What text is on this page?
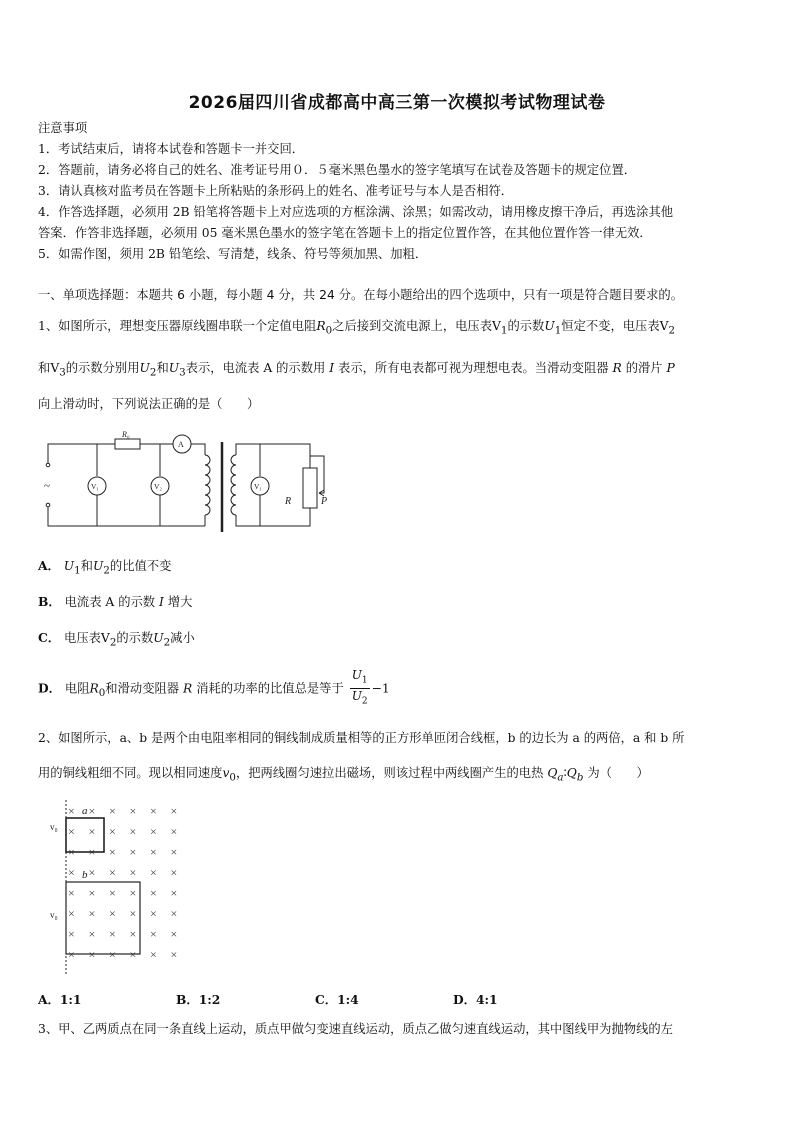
2026届四川省成都高中高三第一次模拟考试物理试卷
注意事项
1．考试结束后，请将本试卷和答题卡一并交回．
2．答题前，请务必将自己的姓名、准考证号用０．５毫米黑色墨水的签字笔填写在试卷及答题卡的规定位置．
3．请认真核对监考员在答题卡上所粘贴的条形码上的姓名、准考证号与本人是否相符．
4．作答选择题，必须用 2B 铅笔将答题卡上对应选项的方框涂满、涂黑；如需改动，请用橡皮擦干净后，再选涂其他
答案．作答非选择题，必须用 05 毫米黑色墨水的签字笔在答题卡上的指定位置作答，在其他位置作答一律无效．
5．如需作图，须用 2B 铅笔绘、写清楚，线条、符号等须加黑、加粗．
一、单项选择题：本题共 6 小题，每小题 4 分，共 24 分。在每小题给出的四个选项中，只有一项是符合题目要求的。
1、如图所示，理想变压器原线圈串联一个定值电阻$R_0$之后接到交流电源上，电压表$V_1$的示数$U_1$恒定不变，电压表$V_2$
和$V_3$的示数分别用$U_2$和$U_3$表示，电流表 A 的示数用 I 表示，所有电表都可视为理想电表。当滑动变阻器 R 的滑片 P
向上滑动时，下列说法正确的是（　　）
R₀
A
V₁	V₂	V₁
R	P
~
A． $U_1$和$U_2$的比值不变
B． 电流表 A 的示数 I 增大
C． 电压表$V_2$的示数$U_2$减小
D． 电阻$R_0$和滑动变阻器 R 消耗的功率的比值总是等于 $\frac{U_1}{U_2} -1$
2、如图所示，a、b 是两个由电阻率相同的铜线制成质量相等的正方形单匝闭合线框，b 的边长为 a 的两倍，a 和 b 所
用的铜线粗细不同。现以相同速度$v_0$，把两线圈匀速拉出磁场，则该过程中两线圈产生的电热 $Q_a∶Q_b$ 为（　　）
× × × × × ×
× × × × × ×
× × × × × ×
× × × × × ×
× × × × × ×
× × × × × ×
× × × × × ×
× × × × × ×
a
b
v₀
v₀
A．1:1	B．1:2	C．1:4	D．4:1
3、甲、乙两质点在同一条直线上运动，质点甲做匀变速直线运动，质点乙做匀速直线运动，其中图线甲为抛物线的左
